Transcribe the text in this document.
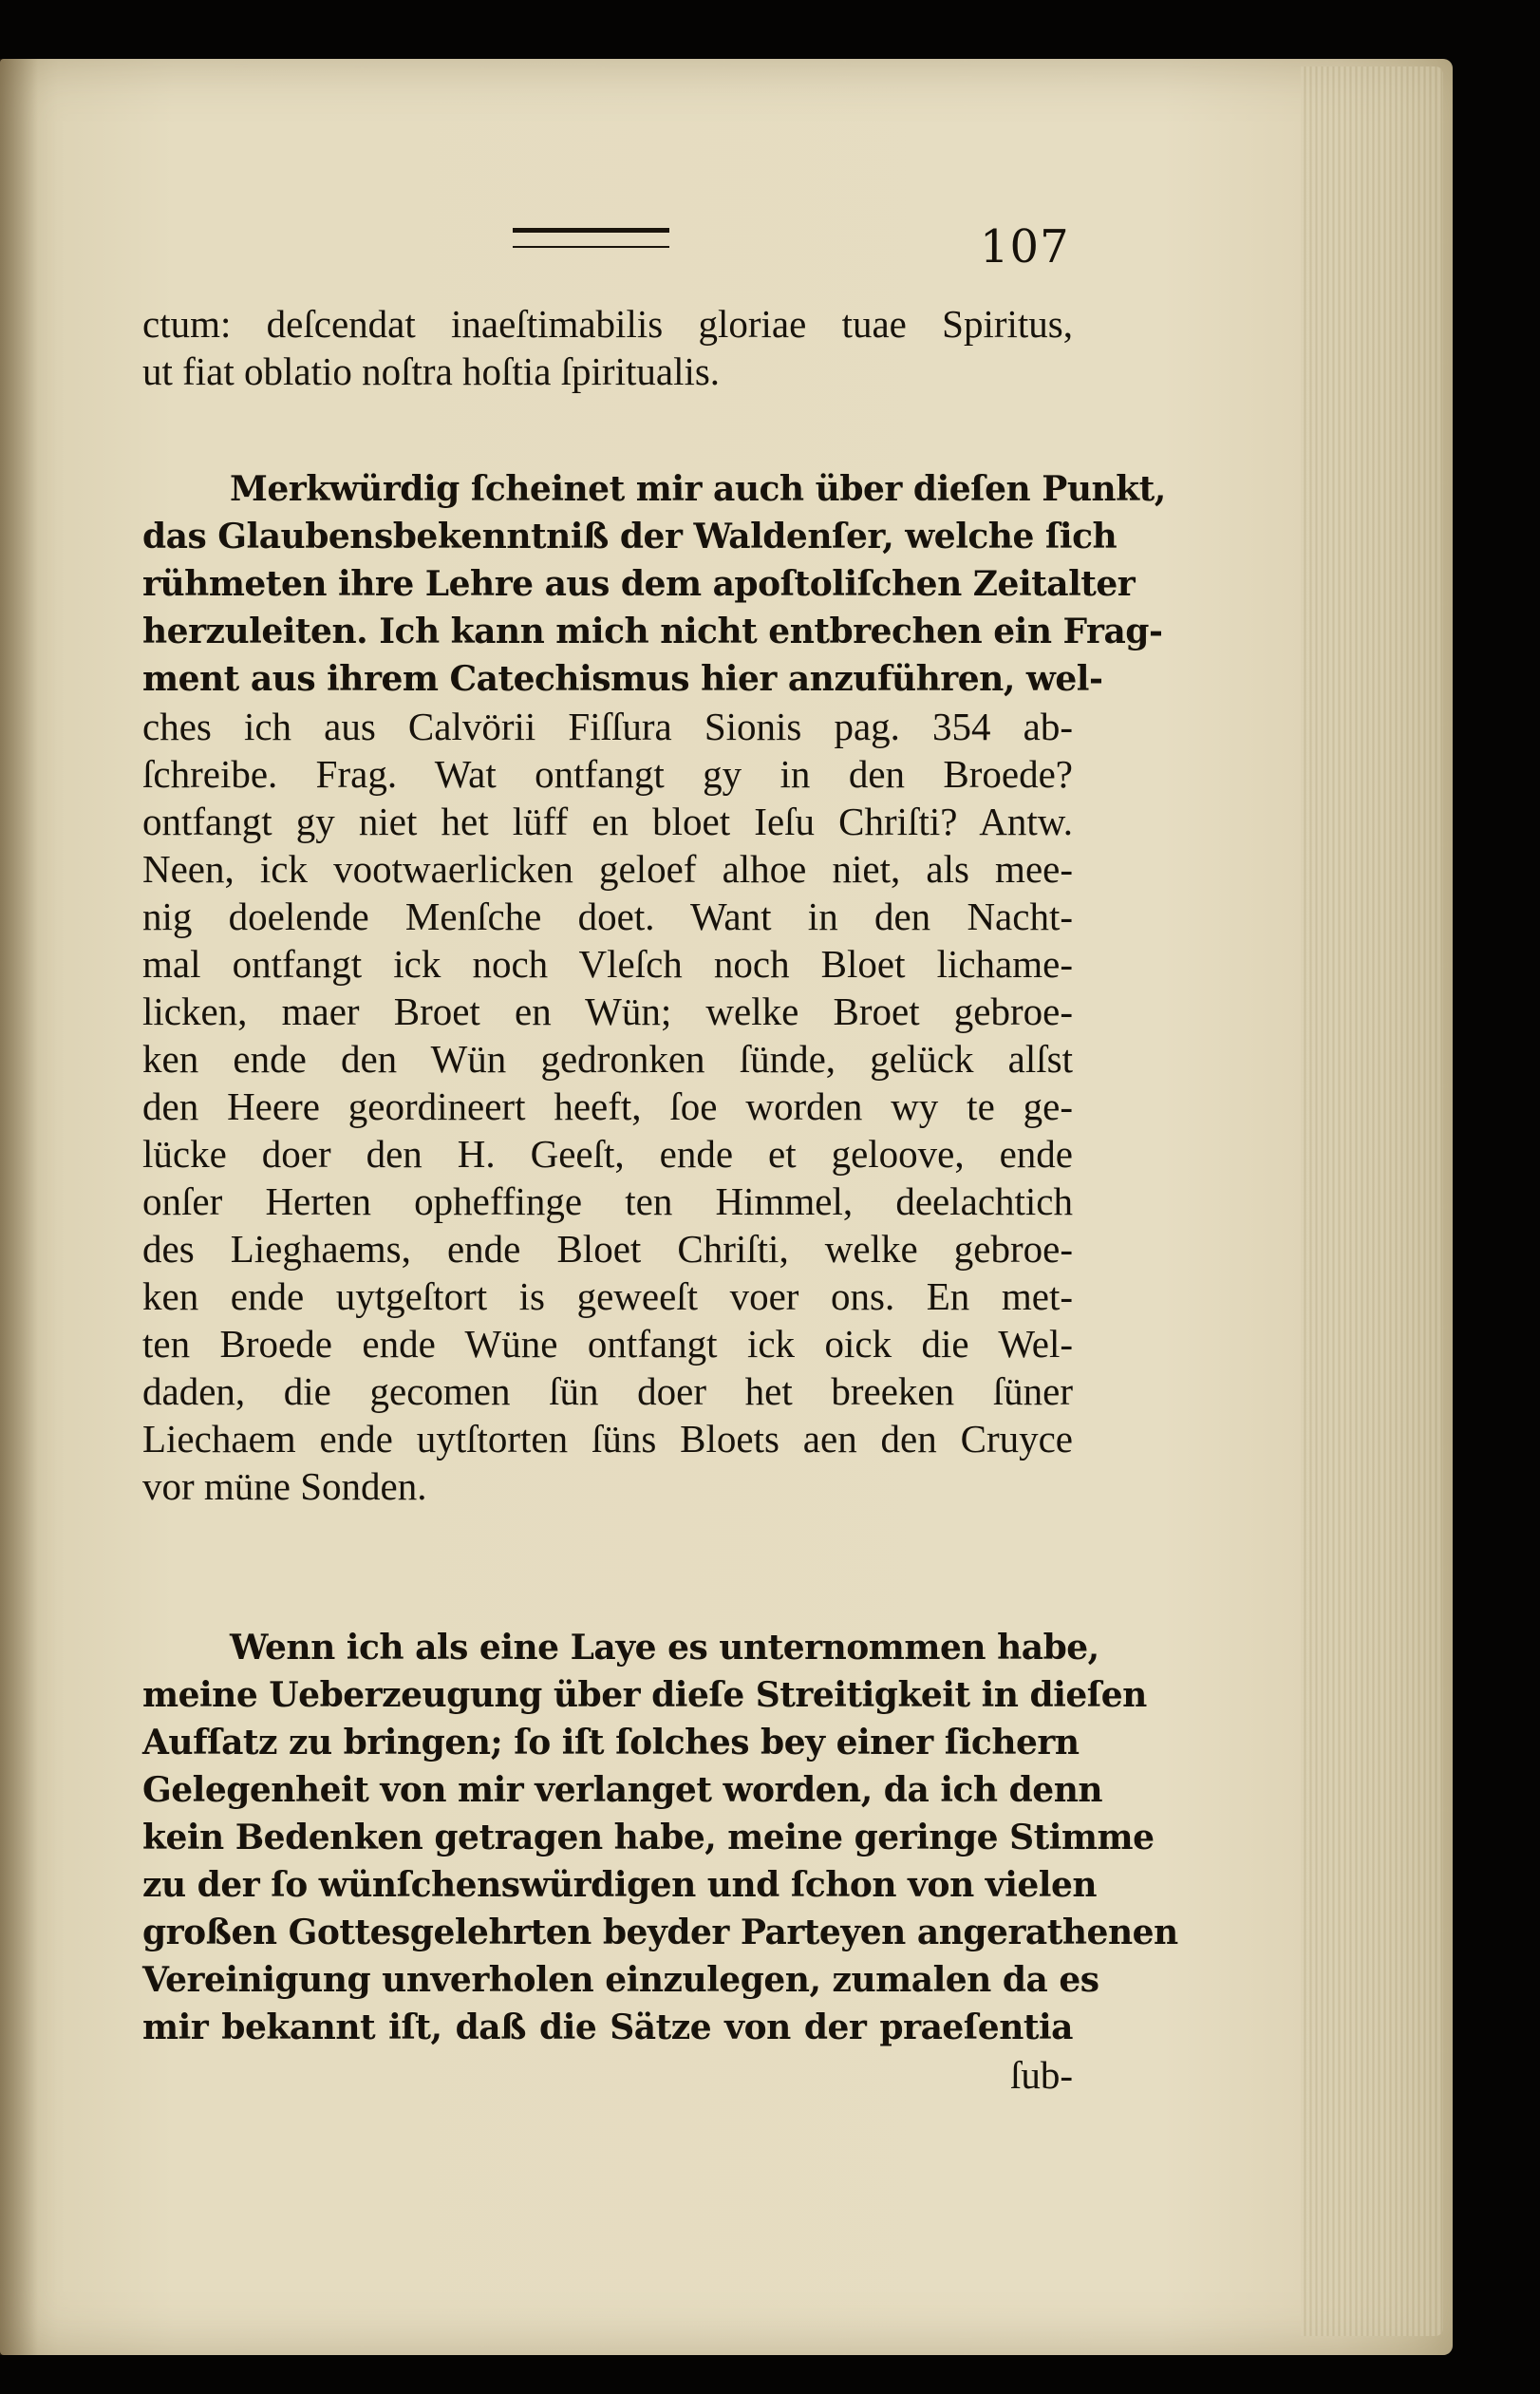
107
ctum: deſcendat inaeſtimabilis gloriae tuae Spiritus,
ut fiat oblatio noſtra hoſtia ſpiritualis.
Merkwürdig ſcheinet mir auch über dieſen Punkt,
das Glaubensbekenntniß der Waldenſer, welche ſich
rühmeten ihre Lehre aus dem apoſtoliſchen Zeitalter
herzuleiten. Ich kann mich nicht entbrechen ein Frag-
ment aus ihrem Catechismus hier anzuführen, wel-
ches ich aus Calvörii Fiſſura Sionis pag. 354 ab-
ſchreibe. Frag. Wat ontfangt gy in den Broede?
ontfangt gy niet het lüff en bloet Ieſu Chriſti? Antw.
Neen, ick vootwaerlicken geloef alhoe niet, als mee-
nig doelende Menſche doet. Want in den Nacht-
mal ontfangt ick noch Vleſch noch Bloet lichame-
licken, maer Broet en Wün; welke Broet gebroe-
ken ende den Wün gedronken ſünde, gelück alſst
den Heere geordineert heeft, ſoe worden wy te ge-
lücke doer den H. Geeſt, ende et geloove, ende
onſer Herten opheffinge ten Himmel, deelachtich
des Lieghaems, ende Bloet Chriſti, welke gebroe-
ken ende uytgeſtort is geweeſt voer ons. En met-
ten Broede ende Wüne ontfangt ick oick die Wel-
daden, die gecomen ſün doer het breeken ſüner
Liechaem ende uytſtorten ſüns Bloets aen den Cruyce
vor müne Sonden.
Wenn ich als eine Laye es unternommen habe,
meine Ueberzeugung über dieſe Streitigkeit in dieſen
Aufſatz zu bringen; ſo iſt ſolches bey einer ſichern
Gelegenheit von mir verlanget worden, da ich denn
kein Bedenken getragen habe, meine geringe Stimme
zu der ſo wünſchenswürdigen und ſchon von vielen
großen Gottesgelehrten beyder Parteyen angerathenen
Vereinigung unverholen einzulegen, zumalen da es
mir bekannt iſt, daß die Sätze von der praeſentia
ſub-
